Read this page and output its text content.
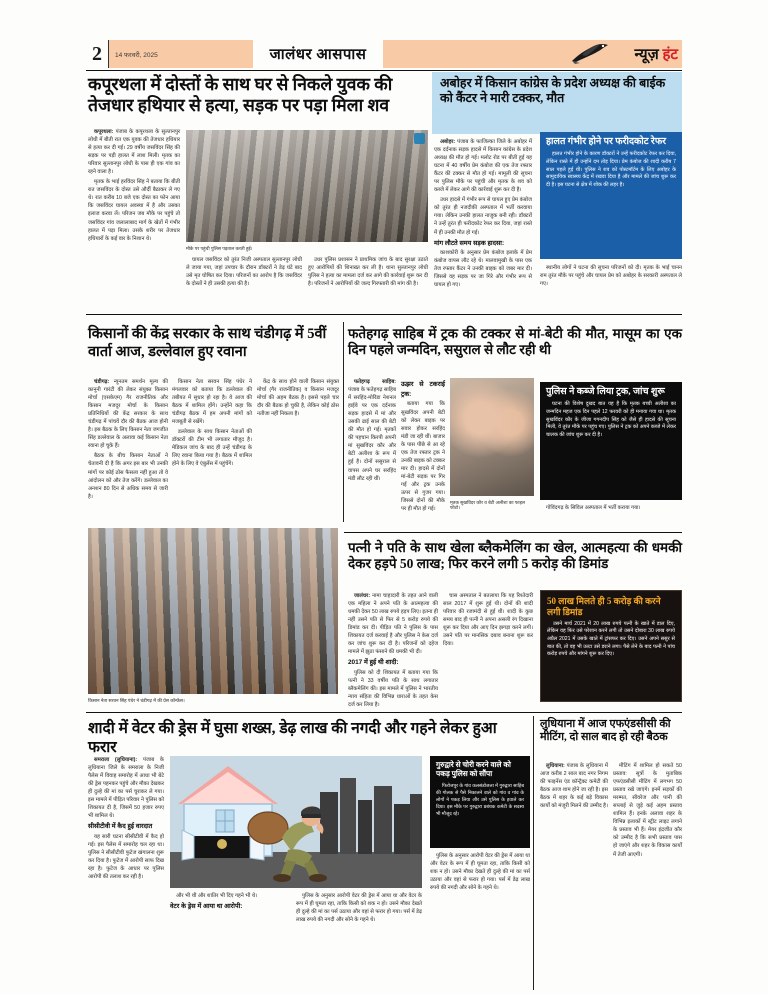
2	14 फरवरी, 2025	जालंधर आसपास	न्यूज़ हंट
कपूरथला में दोस्तों के साथ घर से निकले युवक की तेजधार हथियार से हत्या, सड़क पर पड़ा मिला शव
अबोहर में किसान कांग्रेस के प्रदेश अध्यक्ष की बाईक को कैंटर ने मारी टक्कर, मौत

कपूरथला: पंजाब के कपूरथला के सुल्तानपुर लोधी में बीती रात एक युवक की तेजधार हथियार से हत्या कर दी गई। 29 वर्षीय जसविंदर सिंह की सड़क पर पड़ी हालत में लाश मिली। मृतक का परिवार सुल्तानपुर लोधी के पास ही एक गांव का रहने वाला है।

मृतक के भाई हरविंदर सिंह ने बताया कि बीती रात जसविंदर के दोस्त उसे और्दी बैठाकर ले गए थे। रात करीब 10 बजे एक दोस्त का फोन आया कि जसविंदर घायल अवस्था में है और उसका इलाज करवा लें। परिजन जब मौके पर पहुंचे तो जसविंदर गांव जलालाबाद मार्ग के खेतों में गंभीर हालत में पड़ा मिला। उसके शरीर पर तेजधार हथियारों के कई वार के निशान थे।

घायल जसविंदर को तुरंत निजी अस्पताल सुल्तानपुर लोधी ले जाया गया, जहां उपचार के दौरान डॉक्टरों ने डेढ़ घंटे बाद उसे मृत घोषित कर दिया। परिजनों का आरोप है कि जसविंदर के दोस्तों ने ही उसकी हत्या की है।

उधर पुलिस प्रशासन ने प्राथमिक जांच के बाद सुरक्षा उठाते हुए आरोपियों की शिनाख्त कर ली है। थाना सुल्तानपुर लोधी पुलिस ने हत्या का मामला दर्ज कर आगे की कार्रवाई शुरू कर दी है। परिजनों ने आरोपियों की जल्द गिरफ्तारी की मांग की है।

मौके पर पहुंची पुलिस पड़ताल करती हुई।

अबोहर: पंजाब के फाजिल्का जिले के अबोहर में एक दर्दनाक सड़क हादसे में किसान कांग्रेस के प्रदेश अध्यक्ष की मौत हो गई। मलोट रोड पर बीती हुई यह घटना में 40 वर्षीय प्रेम कंबोज की एक तेज रफ्तार कैंटर की टक्कर से मौत हो गई। मामूली की सूचना पर पुलिस मौके पर पहुंची और मृतक के शव को कब्जे में लेकर आगे की कार्रवाई शुरू कर दी है।

उधर हादसे में गंभीर रूप से घायल हुए प्रेम कंबोज को तुरंत ही नजदीकी अस्पताल में भर्ती करवाया गया। लेकिन उनकी हालत नाजुक बनी रही। डॉक्टरों ने उन्हें तुरंत ही फरीदकोट रेफर कर दिया, जहां रास्ते में ही उनकी मौत हो गई।

मांग लौटते समय सड़क हादसा:

काशकोरी के अनुसार प्रेम कंबोज इलाके में प्रेम कंबोज वापस लौट रहे थे। मालवामुखी के पास एक तेज रफ्तार कैंटर ने उनकी बाइक को जबर मार दी। जिससे वह सड़क पर जा गिरे और गंभीर रूप से घायल हो गए।

हालत गंभीर होने पर फरीदकोट रेफर
हालत गंभीर होने के कारण डॉक्टरों ने उन्हें फरीदकोट रेफर कर दिया, लेकिन रास्ते में ही उन्होंने दम तोड़ दिया। प्रेम कंबोज की शादी करीब 7 साल पहले हुई थी। पुलिस ने शव को पोस्टमॉर्टम के लिए अबोहर के सामुदायिक स्वास्थ्य केंद्र में रखवा दिया है और मामले की जांच शुरू कर दी है। इस घटना से क्षेत्र में शोक की लहर है।

स्थानीय लोगों ने घटना की सूचना परिजनों को दी। मृतक के भाई चानन राम तुरंत मौके पर पहुंचे और घायल प्रेम को अबोहर के सरकारी अस्पताल ले गए।

किसानों की केंद्र सरकार के साथ चंडीगढ़ में 5वीं वार्ता आज, डल्लेवाल हुए रवाना
फतेहगढ़ साहिब में ट्रक की टक्कर से मां-बेटी की मौत, मासूम का एक दिन पहले जन्मदिन, ससुराल से लौट रही थी

चंडीगढ़: न्यूनतम समर्थन मूल्य की कानूनी गारंटी की लेकर संयुक्त किसान मोर्चा (एसकेएम) गैर राजनीतिक और किसान मजदूर मोर्चा के किसान प्रतिनिधियों की केंद्र सरकार के साथ चंडीगढ़ में पांचवें दौर की बैठक आज होनी है। इस बैठक के लिए किसान नेता जगजीत सिंह डल्लेवाल के अलावा कई किसान नेता रवाना हो चुके हैं।

बैठक के बीच किसान नेताओं ने चेतावनी दी है कि अगर इस बार भी उनकी मांगों पर कोई ठोस फैसला नहीं हुआ तो वे आंदोलन को और तेज करेंगे। डल्लेवाल का अनशन 80 दिन से अधिक समय से जारी है।

किसान नेता सरवन सिंह पंधेर ने मंगलवार को बताया कि डल्लेवाल की तबीयत में सुधार हो रहा है। वे आज की बैठक में शामिल होंगे। उन्होंने कहा कि चंडीगढ़ बैठक में हम अपनी मांगों को मजबूती से रखेंगे।

डल्लेवाल के साथ किसान नेताओं की डॉक्टरों की टीम भी लगातार मौजूद है। मेडिकल जांच के बाद ही उन्हें चंडीगढ़ के लिए रवाना किया गया है। बैठक में शामिल होने के लिए वे एंबुलेंस में पहुंचेंगे।

केंद्र के साथ होने वाली किसान संयुक्त मोर्चा (गैर राजनीतिक) व किसान मजदूर मोर्चा की अहम बैठक है। इससे पहले चार दौर की बैठक हो चुकी है, लेकिन कोई ठोस नतीजा नहीं निकला है।

किसान नेता सरवन सिंह पंधेर ने चंडीगढ़ में की प्रेस कॉन्फ्रेंस।

फतेहगढ़ साहिब: पंजाब के फतेहगढ़ साहिब में सरहिंद-मोरिंडा नेशनल हाईवे पर एक दर्दनाक सड़क हादसे में मां और उसकी ढाई साल की बेटी की मौत हो गई। मृतकों की पहचान किरपी अपनी मां सुखविंदर कौर और बेटी अलीशा के रूप में हुई है। दोनों ससुराल से वापस अपने घर सरहिंद मंडी लौट रही थीं।

ऊझर से टकराई ट्रक:

बताया गया कि सुखविंदर अपनी बेटी को लेकर बाइक पर सवार होकर सरहिंद मंडी जा रही थीं। बाजार के पास पीछे से आ रहे एक तेज रफ्तार ट्रक ने उनकी बाइक को टक्कर मार दी। हादसे में दोनों मां-बेटी सड़क पर गिर गईं और ट्रक उनके ऊपर से गुजर गया। जिससे दोनों की मौके पर ही मौत हो गई।

मृतक सुखविंदर कौर व बेटी अलीशा का फाइल फोटो।
पुलिस ने कब्जे लिया ट्रक, जांच शुरू
घटना की विशेष दुखद बात यह है कि मृतक बच्ची अलीशा का जन्मदिन महज एक दिन पहले 12 फरवरी को ही मनाया गया था। मृतक सुखविंदर कौर के जीजा गगनदीप सिंह को जैसे ही हादसे की सूचना मिली, वे तुरंत मौके पर पहुंच गए। पुलिस ने ट्रक को अपने कब्जे में लेकर चालक की जांच शुरू कर दी है।

गोविंदगढ़ के सिविल अस्पताल में भर्ती कराया गया।

पत्नी ने पति के साथ खेला ब्लैकमेलिंग का खेल, आत्महत्या की धमकी देकर हड़पे 50 लाख; फिर करने लगी 5 करोड़ की डिमांड

जालंधर: नामा चाहादारी के तहत आने वाली एक महिला ने अपने पति के आत्महत्या की धमकी देकर 50 लाख रुपये हड़प लिए। इतना ही नहीं उसने पति से फिर से 5 करोड़ रुपये की डिमांड कर दी। पीड़ित पति ने पुलिस के पास शिकायत दर्ज करवाई है और पुलिस ने केस दर्ज कर जांच शुरू कर दी है। परिजनों को दहेज मामले में झूठा फंसाने की धमकी भी दी।

2017 में हुई थी शादी:

पुलिस को दी शिकायत में बताया गया कि पत्नी ने 33 वर्षीय पति के साथ लगातार ब्लैकमेलिंग की। इस मामले में पुलिस ने भारतीय न्याय संहिता की विभिन्न धाराओं के तहत केस दर्ज कर लिया है।

चास अस्पताल ने बतलाया कि यह रिश्तेदारी साल 2017 में शुरू हुई थी। दोनों की शादी परिवार की रजामंदी से हुई थी। शादी के कुछ समय बाद ही पत्नी ने अपना असली रंग दिखाना शुरू कर दिया और आए दिन झगड़ा करने लगी। उसने पति पर मानसिक दबाव बनाना शुरू कर दिया।

50 लाख मिलते ही 5 करोड़ की करने लगी डिमांड
उसने मार्च 2021 में 20 लाख रुपये पत्नी के खाते में डाल दिए, लेकिन वह फिर उसे परेशान करने लगी तो उसने दोबारा 30 लाख रुपये अप्रैल 2021 में उसके खाते में ट्रांसफर कर दिए। उसने अपने ससुर से बात की, तो वह भी उल्टा उसे डराने लगा। पैसे लेने के बाद पत्नी ने पांच करोड़ रुपये और मांगने शुरू कर दिए।
शादी में वेटर की ड्रेस में घुसा शख्स, डेढ़ लाख की नगदी और गहने लेकर हुआ फरार
लुधियाना में आज एफएंडसीसी की मीटिंग, दो साल बाद हो रही बैठक

समराला (लुधियाना): पंजाब के लुधियाना जिले के समराला के निजी पैलेस में विवाह समारोह में आधा भी बेटे की ड्रेस पहनकर पहुंचे और मौका देखकर ही दुल्हे की मां का पर्स चुराकर ले गया। इस मामले में पीड़ित परिवार ने पुलिस को शिकायत दी है, जिसमें 50 हजार रुपए भी शामिल थे।

सीसीटीवी में कैद हुई वारदात

यह सारी घटना सीसीटीवी में कैद हो गई। इस पैलेस में समारोह चल रहा था। पुलिस ने सीसीटीवी फुटेज खंगालना शुरू कर दिया है। फुटेज में आरोपी साफ दिख रहा है। फुटेज के आधार पर पुलिस आरोपी की तलाश कर रही है।

और भी थी और शातिर भी दिए गहने भी थे।

वेटर के ड्रेस में आया था आरोपी:

पुलिस के अनुसार आरोपी वेटर की ड्रेस में आया था और वेटर के रूप में ही घूमता रहा, ताकि किसी को शक न हो। उसने मौका देखते ही दुल्हे की मां का पर्स उठाया और वहां से फरार हो गया। पर्स में डेढ़ लाख रुपये की नगदी और सोने के गहने थे।

गुरुद्वारे से चोरी करने वाले को पकड़ पुलिस को सौंपा
फिरोजपुर के गांव कलसंडोजला में गुरुद्वारा साहिब की गोलक से पैसे निकालने वाले को गांव व गांव के लोगों ने पकड़ लिया और उसे पुलिस के हवाले कर दिया। इस मौके पर गुरुद्वारा प्रबंधक कमेटी के सदस्य भी मौजूद रहे।

पुलिस के अनुसार आरोपी वेटर की ड्रेस में आया था और वेटर के रूप में ही घूमता रहा, ताकि किसी को शक न हो। उसने मौका देखते ही दुल्हे की मां का पर्स उठाया और वहां से फरार हो गया। पर्स में डेढ़ लाख रुपये की नगदी और सोने के गहने थे।

लुधियाना: पंजाब के लुधियाना में आज करीब 2 साल बाद नगर निगम की फाइनेंस एंड कॉन्ट्रैक्ट कमेटी की बैठक आज शाम होने जा रही है। इस बैठक में शहर के कई बड़े विकास कार्यों को मंजूरी मिलने की उम्मीद है।

मीटिंग में शामिल हो सकते 50 प्रस्ताव: सूत्रों के मुताबिक एफएंडसीसी मीटिंग में लगभग 50 प्रस्ताव रखे जाएंगे। इनमें सड़कों की मरम्मत, सीवरेज और पानी की सप्लाई से जुड़े कई अहम प्रस्ताव शामिल हैं। इनके अलावा शहर के विभिन्न इलाकों में स्ट्रीट लाइट लगाने के प्रस्ताव भी हैं। मेयर इंद्रजीत कौर को उम्मीद है कि सभी प्रस्ताव पास हो जाएंगे और शहर के विकास कार्यों में तेजी आएगी।
